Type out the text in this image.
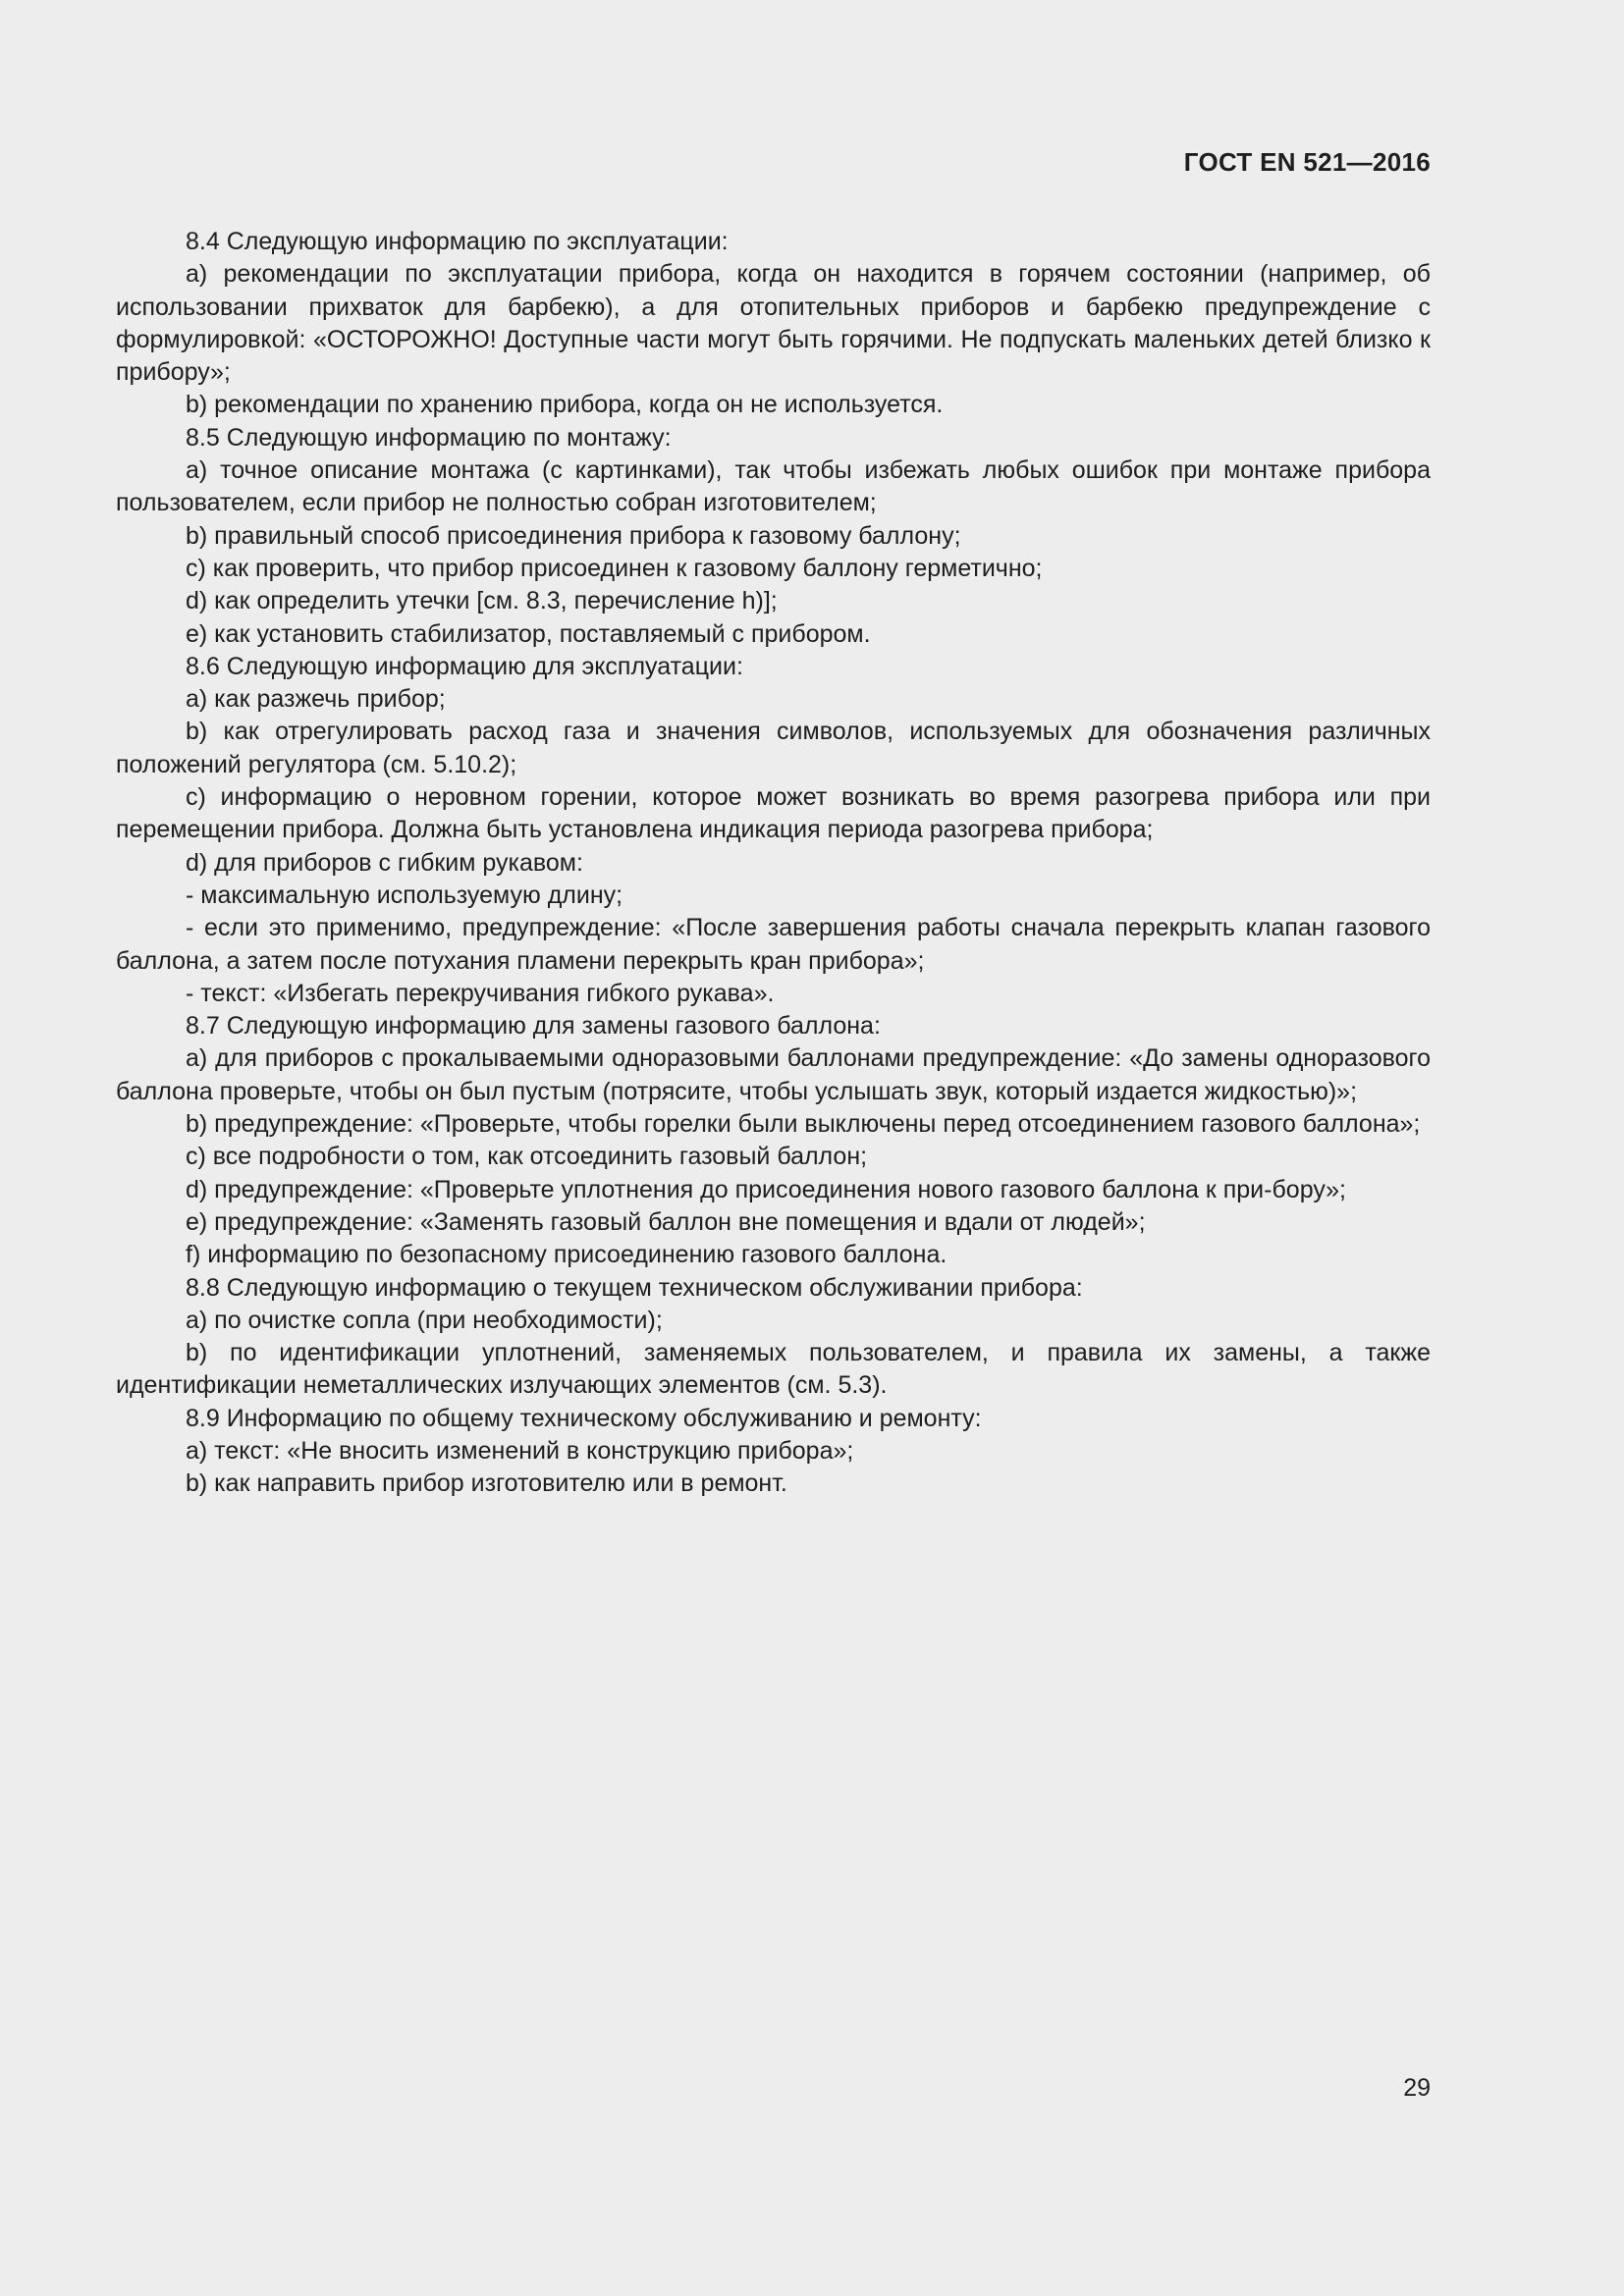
ГОСТ EN 521—2016

8.4 Следующую информацию по эксплуатации:

a) рекомендации по эксплуатации прибора, когда он находится в горячем состоянии (например, об использовании прихваток для барбекю), а для отопительных приборов и барбекю предупреждение с формулировкой: «ОСТОРОЖНО! Доступные части могут быть горячими. Не подпускать маленьких детей близко к прибору»;

b) рекомендации по хранению прибора, когда он не используется.

8.5 Следующую информацию по монтажу:

a) точное описание монтажа (с картинками), так чтобы избежать любых ошибок при монтаже прибора пользователем, если прибор не полностью собран изготовителем;

b) правильный способ присоединения прибора к газовому баллону;

c) как проверить, что прибор присоединен к газовому баллону герметично;

d) как определить утечки [см. 8.3, перечисление h)];

e) как установить стабилизатор, поставляемый с прибором.

8.6 Следующую информацию для эксплуатации:

a) как разжечь прибор;

b) как отрегулировать расход газа и значения символов, используемых для обозначения различных положений регулятора (см. 5.10.2);

c) информацию о неровном горении, которое может возникать во время разогрева прибора или при перемещении прибора. Должна быть установлена индикация периода разогрева прибора;

d) для приборов с гибким рукавом:

- максимальную используемую длину;

- если это применимо, предупреждение: «После завершения работы сначала перекрыть клапан газового баллона, а затем после потухания пламени перекрыть кран прибора»;

- текст: «Избегать перекручивания гибкого рукава».

8.7 Следующую информацию для замены газового баллона:

a) для приборов с прокалываемыми одноразовыми баллонами предупреждение: «До замены одноразового баллона проверьте, чтобы он был пустым (потрясите, чтобы услышать звук, который издается жидкостью)»;

b) предупреждение: «Проверьте, чтобы горелки были выключены перед отсоединением газового баллона»;

c) все подробности о том, как отсоединить газовый баллон;

d) предупреждение: «Проверьте уплотнения до присоединения нового газового баллона к при-бору»;

e) предупреждение: «Заменять газовый баллон вне помещения и вдали от людей»;

f) информацию по безопасному присоединению газового баллона.

8.8 Следующую информацию о текущем техническом обслуживании прибора:

a) по очистке сопла (при необходимости);

b) по идентификации уплотнений, заменяемых пользователем, и правила их замены, а также идентификации неметаллических излучающих элементов (см. 5.3).

8.9 Информацию по общему техническому обслуживанию и ремонту:

a) текст: «Не вносить изменений в конструкцию прибора»;

b) как направить прибор изготовителю или в ремонт.

29
